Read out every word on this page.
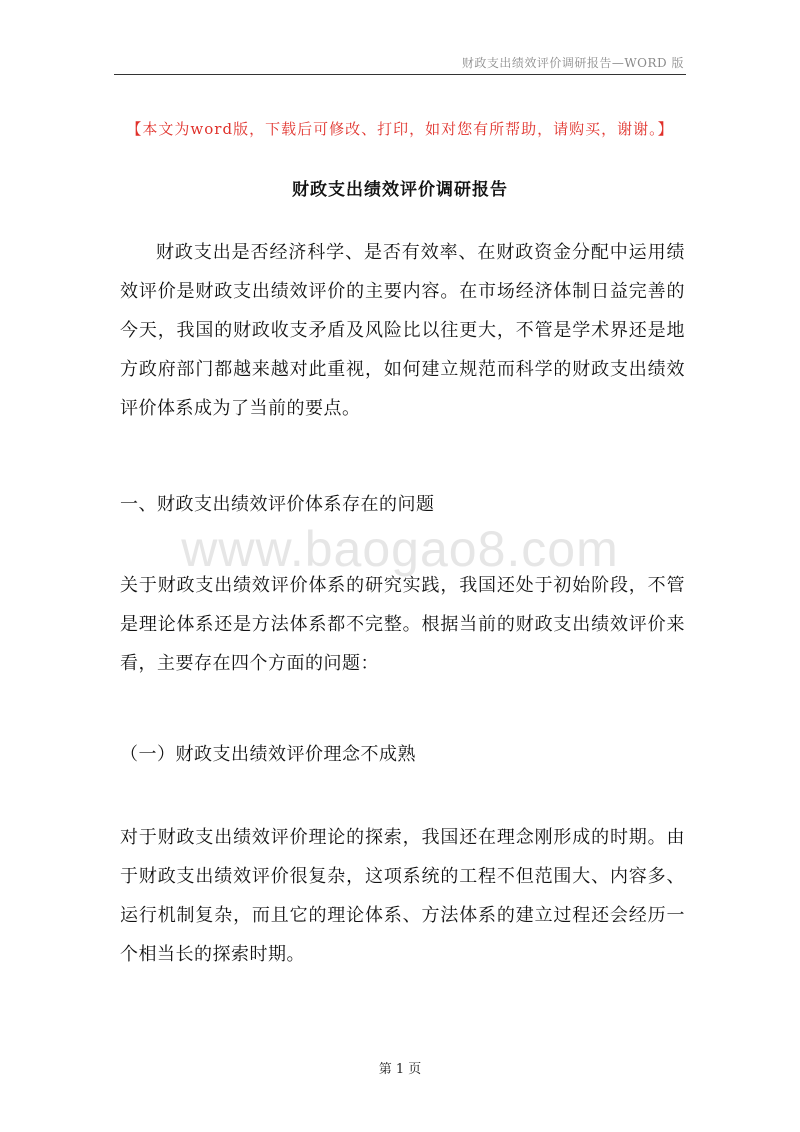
财政支出绩效评价调研报告—WORD 版
【本文为word版，下载后可修改、打印，如对您有所帮助，请购买，谢谢。】
财政支出绩效评价调研报告

财政支出是否经济科学、是否有效率、在财政资金分配中运用绩效评价是财政支出绩效评价的主要内容。在市场经济体制日益完善的今天，我国的财政收支矛盾及风险比以往更大，不管是学术界还是地方政府部门都越来越对此重视，如何建立规范而科学的财政支出绩效评价体系成为了当前的要点。

一、财政支出绩效评价体系存在的问题
www.baogao8.com

关于财政支出绩效评价体系的研究实践，我国还处于初始阶段，不管是理论体系还是方法体系都不完整。根据当前的财政支出绩效评价来看，主要存在四个方面的问题：

（一）财政支出绩效评价理念不成熟

对于财政支出绩效评价理论的探索，我国还在理念刚形成的时期。由于财政支出绩效评价很复杂，这项系统的工程不但范围大、内容多、运行机制复杂，而且它的理论体系、方法体系的建立过程还会经历一个相当长的探索时期。

第 1 页
